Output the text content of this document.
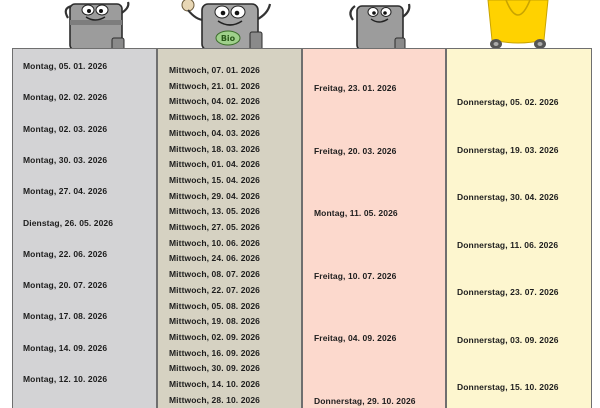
Bio
Montag, 05. 01. 2026
Montag, 02. 02. 2026
Montag, 02. 03. 2026
Montag, 30. 03. 2026
Montag, 27. 04. 2026
Dienstag, 26. 05. 2026
Montag, 22. 06. 2026
Montag, 20. 07. 2026
Montag, 17. 08. 2026
Montag, 14. 09. 2026
Montag, 12. 10. 2026
Mittwoch, 07. 01. 2026
Mittwoch, 21. 01. 2026
Mittwoch, 04. 02. 2026
Mittwoch, 18. 02. 2026
Mittwoch, 04. 03. 2026
Mittwoch, 18. 03. 2026
Mittwoch, 01. 04. 2026
Mittwoch, 15. 04. 2026
Mittwoch, 29. 04. 2026
Mittwoch, 13. 05. 2026
Mittwoch, 27. 05. 2026
Mittwoch, 10. 06. 2026
Mittwoch, 24. 06. 2026
Mittwoch, 08. 07. 2026
Mittwoch, 22. 07. 2026
Mittwoch, 05. 08. 2026
Mittwoch, 19. 08. 2026
Mittwoch, 02. 09. 2026
Mittwoch, 16. 09. 2026
Mittwoch, 30. 09. 2026
Mittwoch, 14. 10. 2026
Mittwoch, 28. 10. 2026
Freitag, 23. 01. 2026
Freitag, 20. 03. 2026
Montag, 11. 05. 2026
Freitag, 10. 07. 2026
Freitag, 04. 09. 2026
Donnerstag, 29. 10. 2026
Donnerstag, 05. 02. 2026
Donnerstag, 19. 03. 2026
Donnerstag, 30. 04. 2026
Donnerstag, 11. 06. 2026
Donnerstag, 23. 07. 2026
Donnerstag, 03. 09. 2026
Donnerstag, 15. 10. 2026
